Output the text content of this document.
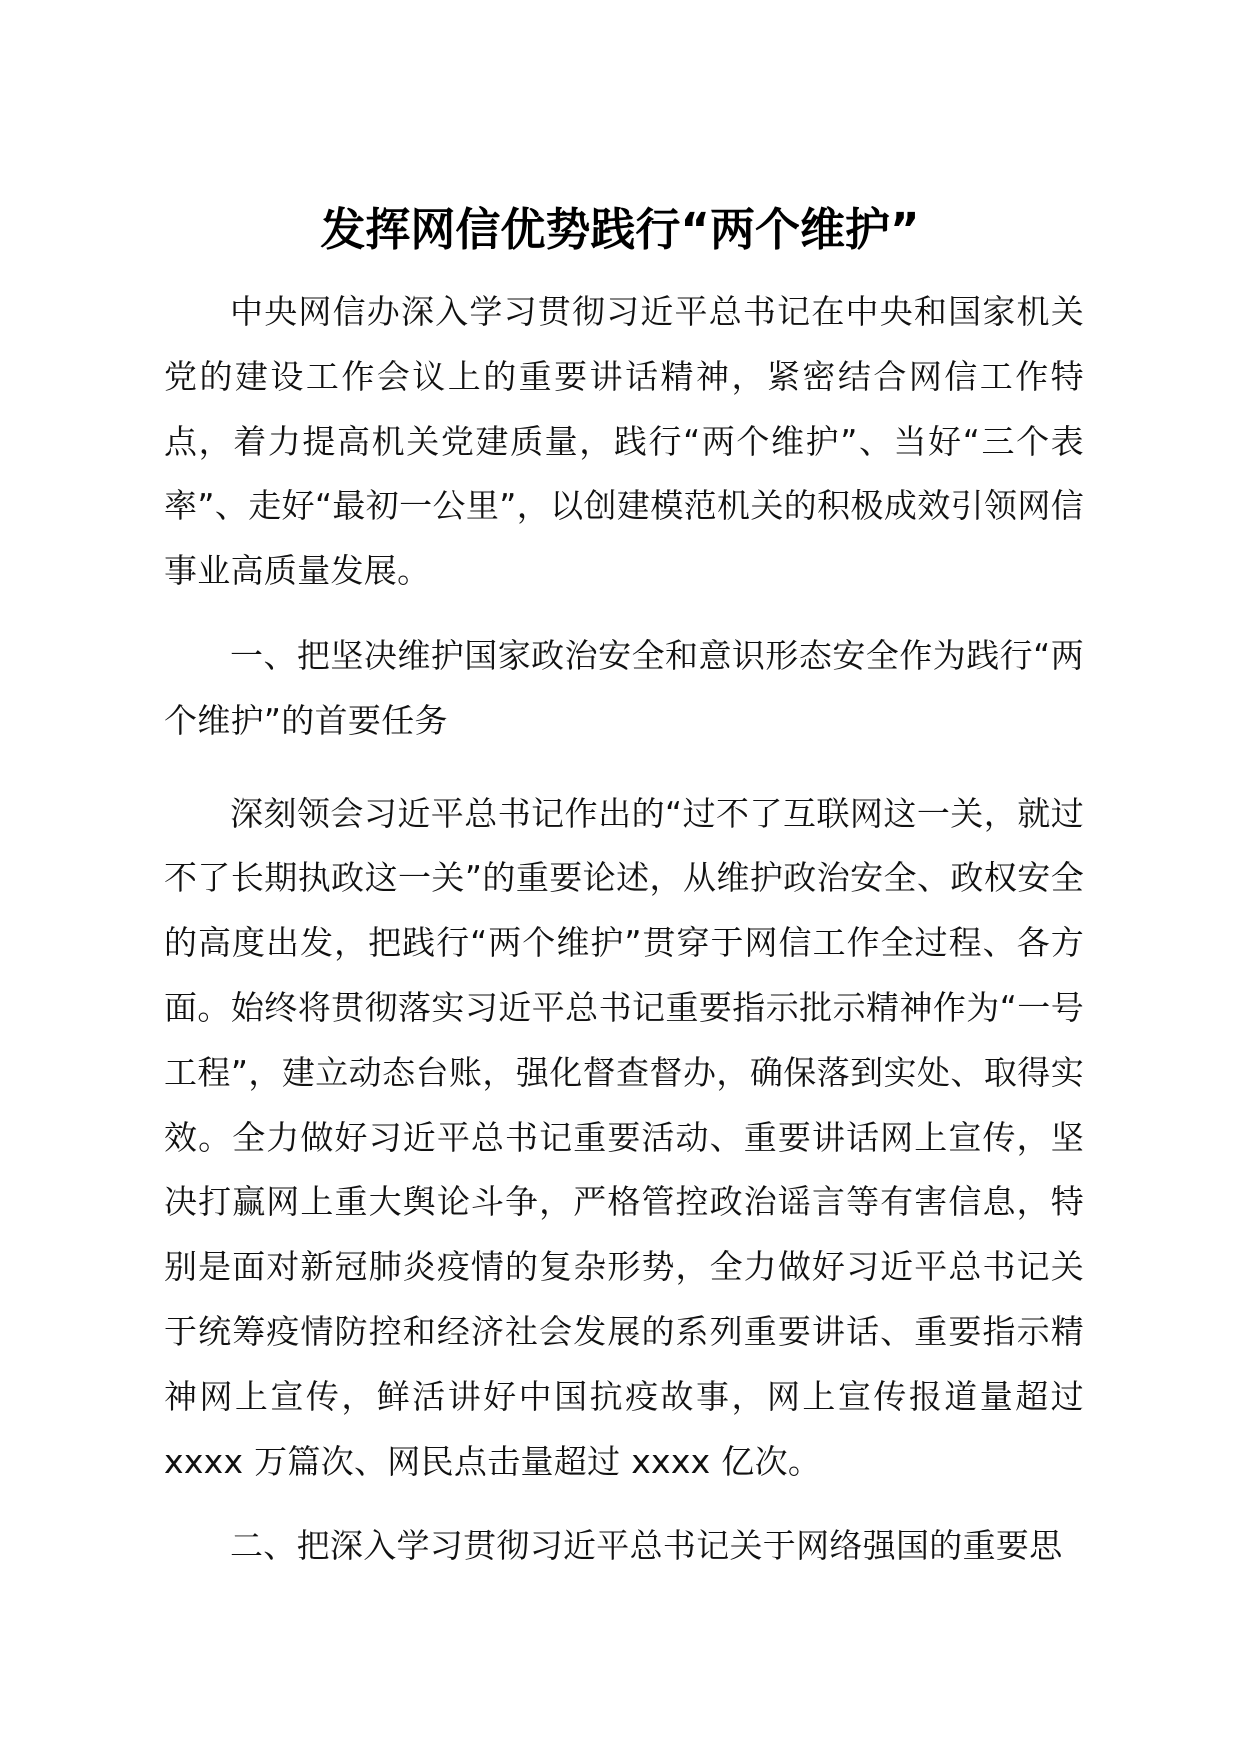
发挥网信优势践行“两个维护”

中央网信办深入学习贯彻习近平总书记在中央和国家机关党的建设工作会议上的重要讲话精神，紧密结合网信工作特点，着力提高机关党建质量，践行“两个维护”、当好“三个表率”、走好“最初一公里”，以创建模范机关的积极成效引领网信事业高质量发展。

一、把坚决维护国家政治安全和意识形态安全作为践行“两个维护”的首要任务

深刻领会习近平总书记作出的“过不了互联网这一关，就过不了长期执政这一关”的重要论述，从维护政治安全、政权安全的高度出发，把践行“两个维护”贯穿于网信工作全过程、各方面。始终将贯彻落实习近平总书记重要指示批示精神作为“一号工程”，建立动态台账，强化督查督办，确保落到实处、取得实效。全力做好习近平总书记重要活动、重要讲话网上宣传，坚决打赢网上重大舆论斗争，严格管控政治谣言等有害信息，特别是面对新冠肺炎疫情的复杂形势，全力做好习近平总书记关于统筹疫情防控和经济社会发展的系列重要讲话、重要指示精神网上宣传，鲜活讲好中国抗疫故事，网上宣传报道量超过 xxxx 万篇次、网民点击量超过 xxxx 亿次。

二、把深入学习贯彻习近平总书记关于网络强国的重要思
